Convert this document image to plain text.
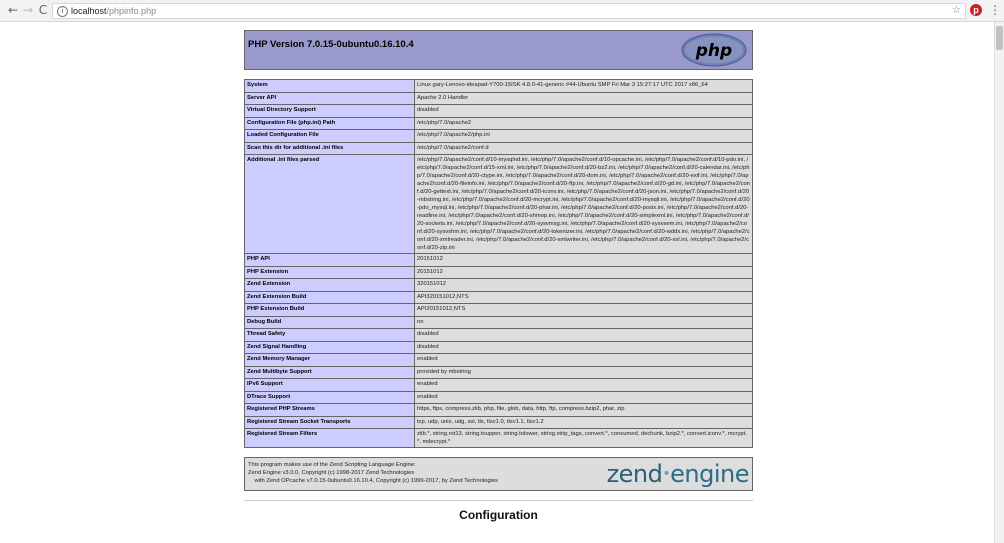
← → C	i localhost/phpinfo.php	☆	p ⋮
PHP Version 7.0.15-0ubuntu0.16.10.4	php
System	Linux gary-Lenovo-ideapad-Y700-15ISK 4.8.0-41-generic #44-Ubuntu SMP Fri Mar 3 15:27:17 UTC 2017 x86_64
Server API	Apache 2.0 Handler
Virtual Directory Support	disabled
Configuration File (php.ini) Path	/etc/php/7.0/apache2
Loaded Configuration File	/etc/php/7.0/apache2/php.ini
Scan this dir for additional .ini files	/etc/php/7.0/apache2/conf.d
Additional .ini files parsed	/etc/php/7.0/apache2/conf.d/10-mysqlnd.ini, /etc/php/7.0/apache2/conf.d/10-opcache.ini, /etc/php/7.0/apache2/conf.d/10-pdo.ini, /etc/php/7.0/apache2/conf.d/15-xml.ini, /etc/php/7.0/apache2/conf.d/20-bz2.ini, /etc/php/7.0/apache2/conf.d/20-calendar.ini, /etc/php/7.0/apache2/conf.d/20-ctype.ini, /etc/php/7.0/apache2/conf.d/20-dom.ini, /etc/php/7.0/apache2/conf.d/20-exif.ini, /etc/php/7.0/apache2/conf.d/20-fileinfo.ini, /etc/php/7.0/apache2/conf.d/20-ftp.ini, /etc/php/7.0/apache2/conf.d/20-gd.ini, /etc/php/7.0/apache2/conf.d/20-gettext.ini, /etc/php/7.0/apache2/conf.d/20-iconv.ini, /etc/php/7.0/apache2/conf.d/20-json.ini, /etc/php/7.0/apache2/conf.d/20-mbstring.ini, /etc/php/7.0/apache2/conf.d/20-mcrypt.ini, /etc/php/7.0/apache2/conf.d/20-mysqli.ini, /etc/php/7.0/apache2/conf.d/20-pdo_mysql.ini, /etc/php/7.0/apache2/conf.d/20-phar.ini, /etc/php/7.0/apache2/conf.d/20-posix.ini, /etc/php/7.0/apache2/conf.d/20-readline.ini, /etc/php/7.0/apache2/conf.d/20-shmop.ini, /etc/php/7.0/apache2/conf.d/20-simplexml.ini, /etc/php/7.0/apache2/conf.d/20-sockets.ini, /etc/php/7.0/apache2/conf.d/20-sysvmsg.ini, /etc/php/7.0/apache2/conf.d/20-sysvsem.ini, /etc/php/7.0/apache2/conf.d/20-sysvshm.ini, /etc/php/7.0/apache2/conf.d/20-tokenizer.ini, /etc/php/7.0/apache2/conf.d/20-wddx.ini, /etc/php/7.0/apache2/conf.d/20-xmlreader.ini, /etc/php/7.0/apache2/conf.d/20-xmlwriter.ini, /etc/php/7.0/apache2/conf.d/20-xsl.ini, /etc/php/7.0/apache2/conf.d/20-zip.ini
PHP API	20151012
PHP Extension	20151012
Zend Extension	320151012
Zend Extension Build	API320151012,NTS
PHP Extension Build	API20151012,NTS
Debug Build	no
Thread Safety	disabled
Zend Signal Handling	disabled
Zend Memory Manager	enabled
Zend Multibyte Support	provided by mbstring
IPv6 Support	enabled
DTrace Support	enabled
Registered PHP Streams	https, ftps, compress.zlib, php, file, glob, data, http, ftp, compress.bzip2, phar, zip
Registered Stream Socket Transports	tcp, udp, unix, udg, ssl, tls, tlsv1.0, tlsv1.1, tlsv1.2
Registered Stream Filters	zlib.*, string.rot13, string.toupper, string.tolower, string.strip_tags, convert.*, consumed, dechunk, bzip2.*, convert.iconv.*, mcrypt.*, mdecrypt.*
This program makes use of the Zend Scripting Language Engine:
Zend Engine v3.0.0, Copyright (c) 1998-2017 Zend Technologies
with Zend OPcache v7.0.15-0ubuntu0.16.10.4, Copyright (c) 1999-2017, by Zend Technologies	zend•engine
Configuration
